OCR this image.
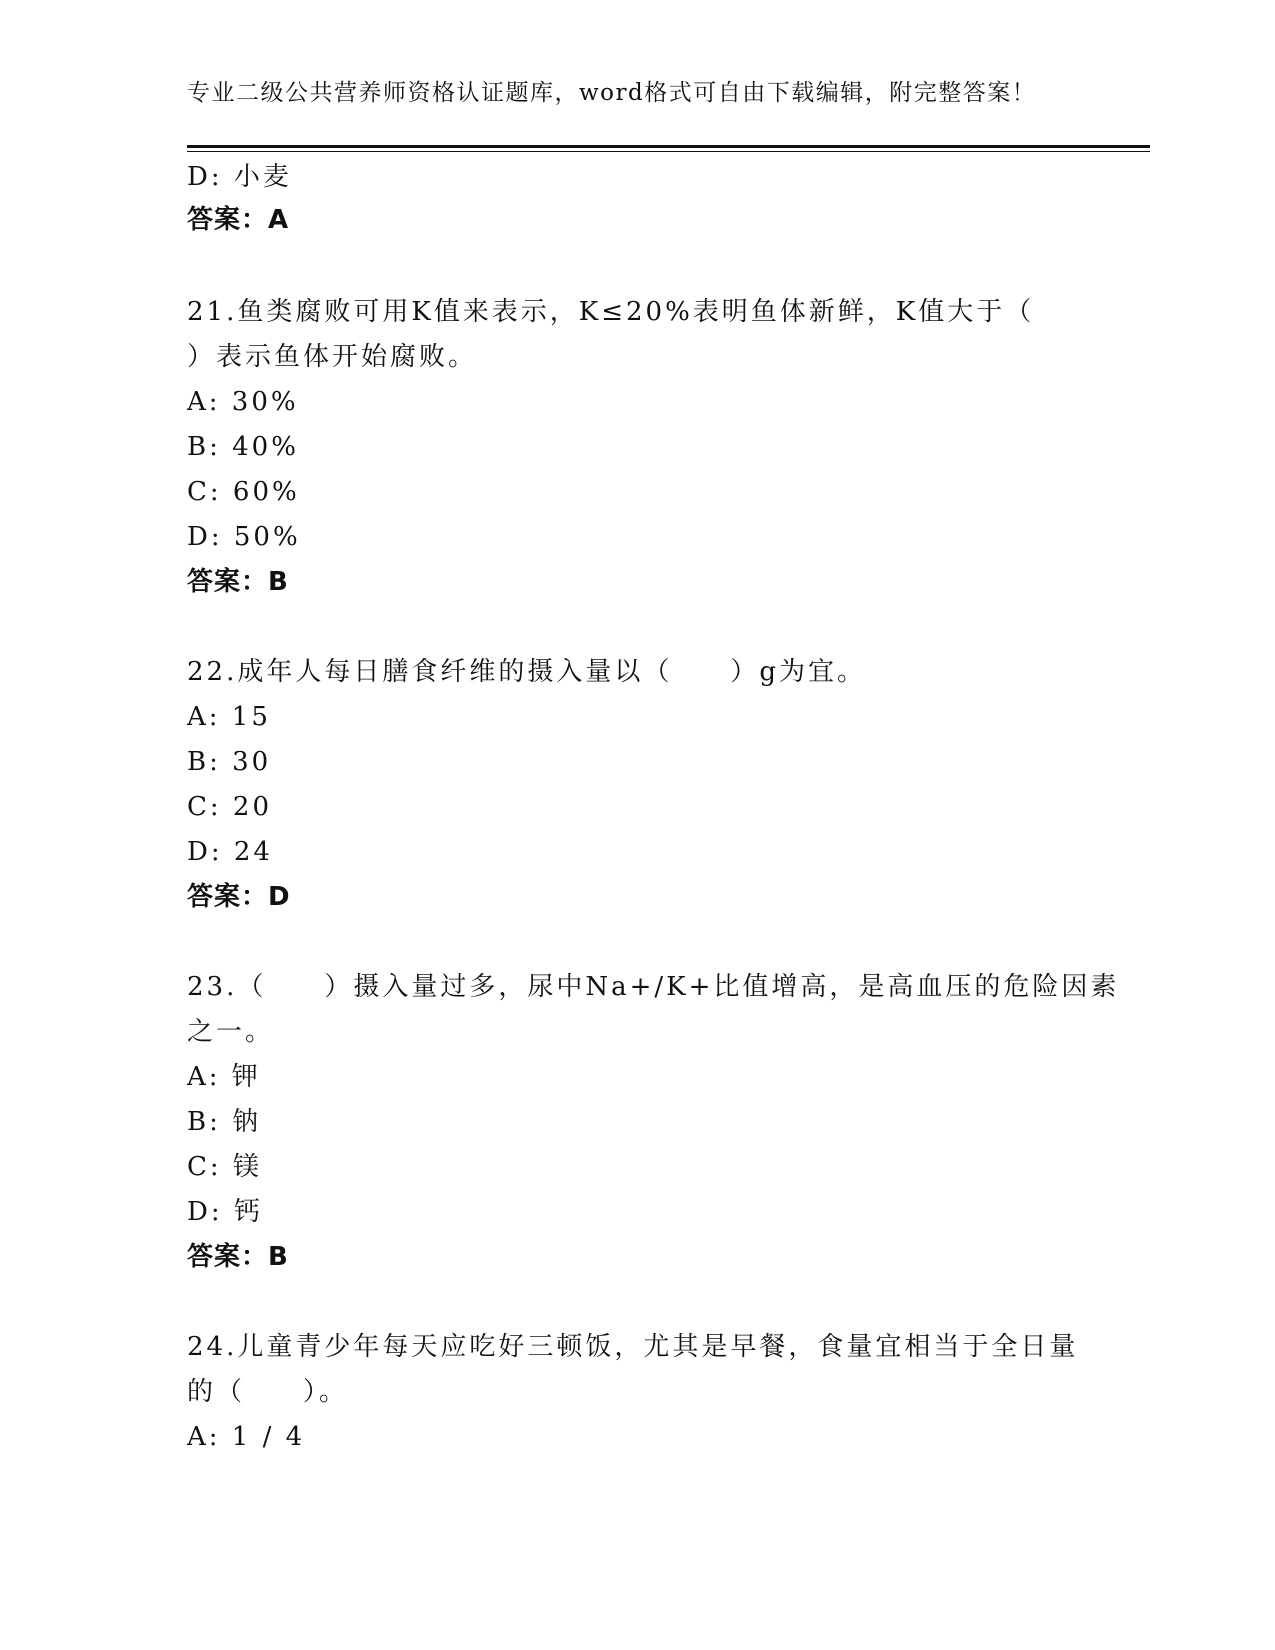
专业二级公共营养师资格认证题库，word格式可自由下载编辑，附完整答案！
D: 小麦
答案：A
21.鱼类腐败可用K值来表示，K≤20%表明鱼体新鲜，K值大于（
）表示鱼体开始腐败。
A: 30%
B: 40%
C: 60%
D: 50%
答案：B
22.成年人每日膳食纤维的摄入量以（　　）g为宜。
A: 15
B: 30
C: 20
D: 24
答案：D
23.（　　）摄入量过多，尿中Na+/K+比值增高，是高血压的危险因素
之一。
A: 钾
B: 钠
C: 镁
D: 钙
答案：B
24.儿童青少年每天应吃好三顿饭，尤其是早餐，食量宜相当于全日量
的（　　）。
A: 1 / 4
